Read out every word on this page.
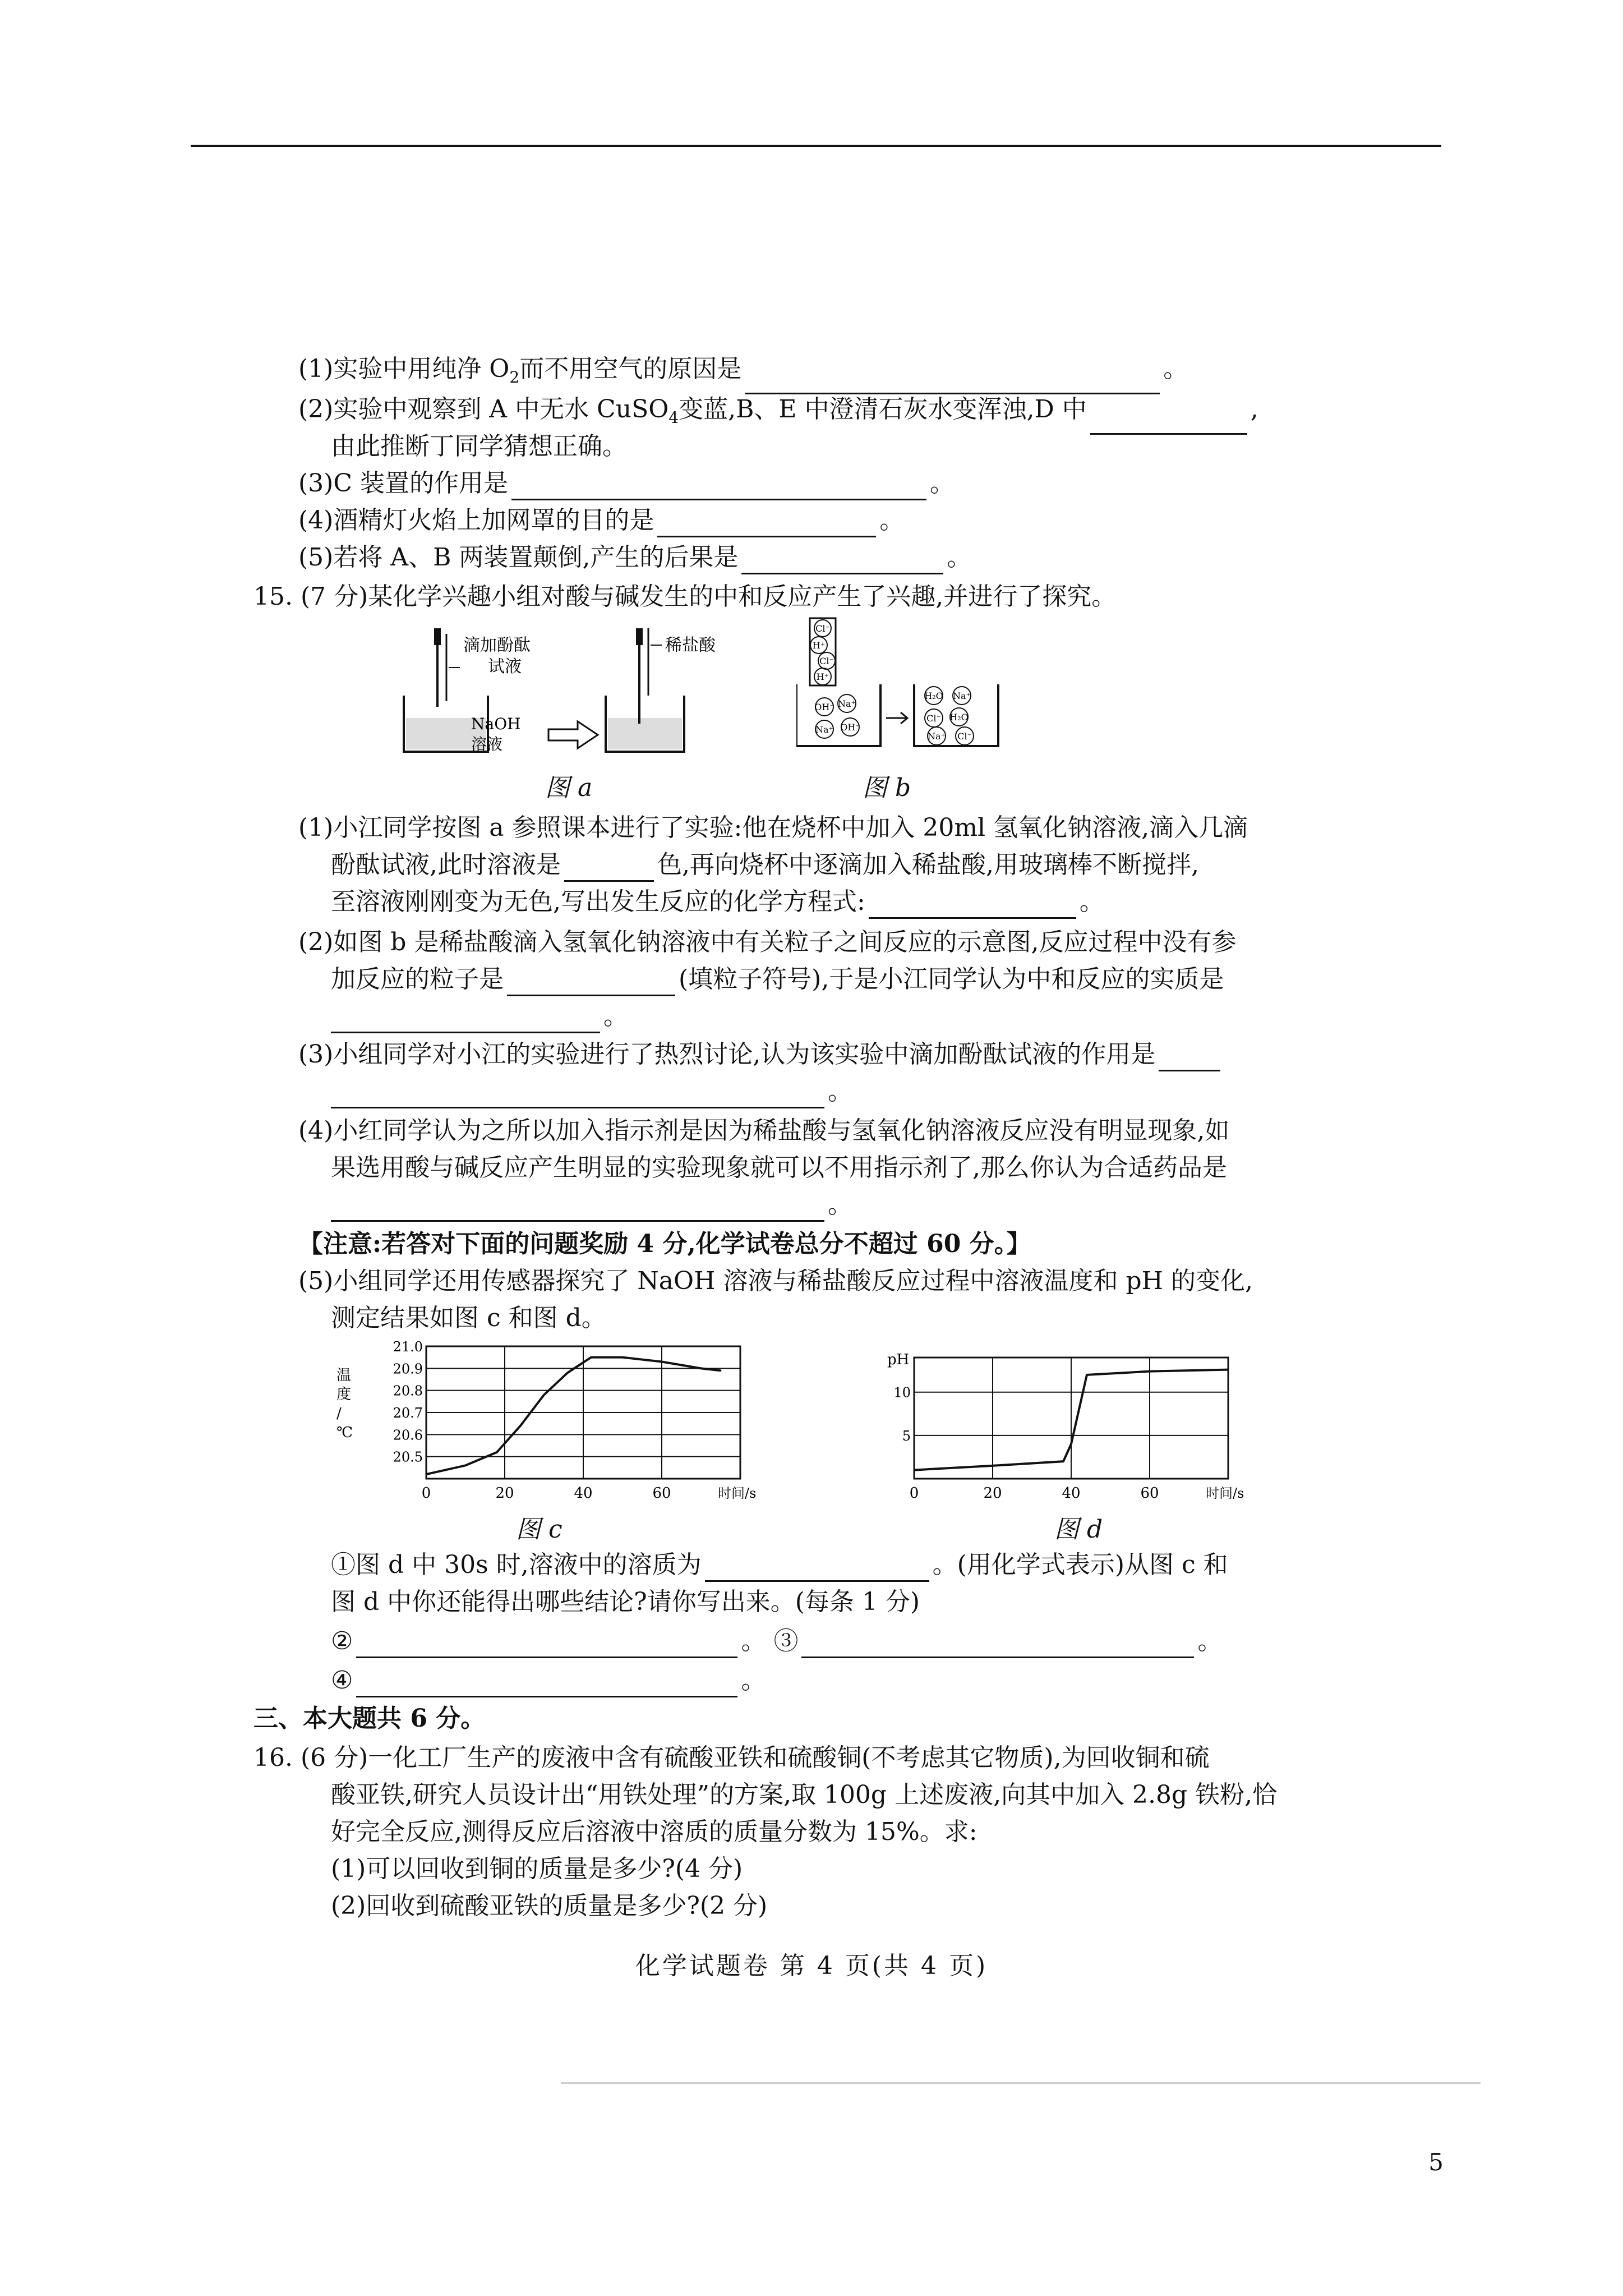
(1)实验中用纯净 $O_2$而不用空气的原因是	。
(2)实验中观察到 A 中无水 CuSO$_4$变蓝,B、E 中澄清石灰水变浑浊,D 中	,
由此推断丁同学猜想正确。
(3)C 装置的作用是	。
(4)酒精灯火焰上加网罩的目的是	。
(5)若将 A、B 两装置颠倒,产生的后果是	。
15. (7 分)某化学兴趣小组对酸与碱发生的中和反应产生了兴趣,并进行了探究。
滴加酚酞
试液
NaOH
溶液
稀盐酸
图 a
Cl⁻
H⁺
Cl⁻
H⁺
OH⁻ Na⁺
Na⁺ OH⁻
H₂O Na⁺
Cl⁻ H₂O
Na⁺ Cl⁻
图 b
(1)小江同学按图 a 参照课本进行了实验:他在烧杯中加入 20ml 氢氧化钠溶液,滴入几滴
酚酞试液,此时溶液是	色,再向烧杯中逐滴加入稀盐酸,用玻璃棒不断搅拌,
至溶液刚刚变为无色,写出发生反应的化学方程式:	。
(2)如图 b 是稀盐酸滴入氢氧化钠溶液中有关粒子之间反应的示意图,反应过程中没有参
加反应的粒子是	(填粒子符号),于是小江同学认为中和反应的实质是
。
(3)小组同学对小江的实验进行了热烈讨论,认为该实验中滴加酚酞试液的作用是
。
(4)小红同学认为之所以加入指示剂是因为稀盐酸与氢氧化钠溶液反应没有明显现象,如
果选用酸与碱反应产生明显的实验现象就可以不用指示剂了,那么你认为合适药品是
。
【注意:若答对下面的问题奖励 4 分,化学试卷总分不超过 60 分。】
(5)小组同学还用传感器探究了 NaOH 溶液与稀盐酸反应过程中溶液温度和 pH 的变化,
测定结果如图 c 和图 d。
0	20	40	60
20.5
20.6
20.7
20.8
20.9
21.0
时间/s
温度/ ℃
图 c
0	20	40	60
5
10
时间/s
pH
图 d
①图 d 中 30s 时,溶液中的溶质为	。(用化学式表示)从图 c 和
图 d 中你还能得出哪些结论?请你写出来。(每条 1 分)
②	。 ③	。
④	。
三、本大题共 6 分。
16. (6 分)一化工厂生产的废液中含有硫酸亚铁和硫酸铜(不考虑其它物质),为回收铜和硫
酸亚铁,研究人员设计出“用铁处理”的方案,取 100g 上述废液,向其中加入 2.8g 铁粉,恰
好完全反应,测得反应后溶液中溶质的质量分数为 15%。求:
(1)可以回收到铜的质量是多少?(4 分)
(2)回收到硫酸亚铁的质量是多少?(2 分)
化学试题卷 第 4 页(共 4 页)
5
